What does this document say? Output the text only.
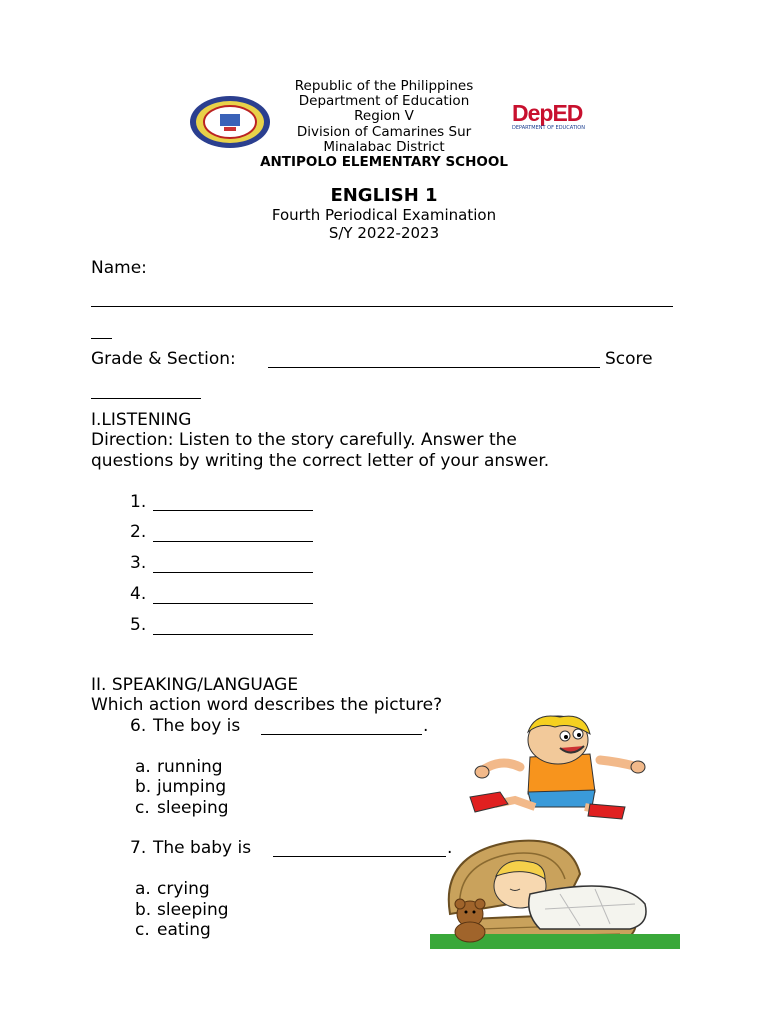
Republic of the Philippines
Department of Education
Region V
Division of Camarines Sur
Minalabac District
ANTIPOLO ELEMENTARY SCHOOL
DepED
DEPARTMENT OF EDUCATION
ENGLISH 1
Fourth Periodical Examination
S/Y 2022-2023
Name:
Grade & Section:	Score
I.LISTENING
Direction: Listen to the story carefully. Answer the
questions by writing the correct letter of your answer.
1.
2.
3.
4.
5.
II. SPEAKING/LANGUAGE
Which action word describes the picture?
6. The boy is	.
a. running
b. jumping
c. sleeping
7. The baby is	.
a. crying
b. sleeping
c. eating
